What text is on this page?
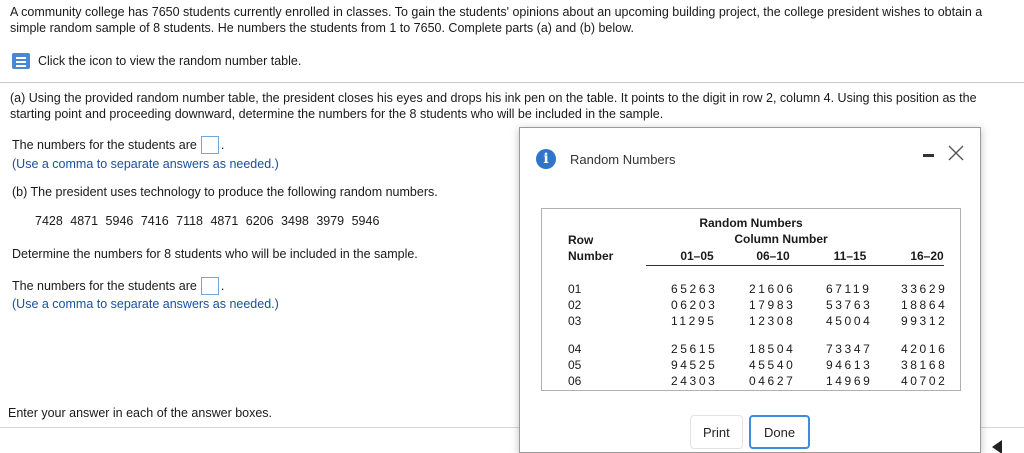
A community college has 7650 students currently enrolled in classes. To gain the students' opinions about an upcoming building project, the college president wishes to obtain a simple random sample of 8 students. He numbers the students from 1 to 7650. Complete parts (a) and (b) below.
Click the icon to view the random number table.
(a) Using the provided random number table, the president closes his eyes and drops his ink pen on the table. It points to the digit in row 2, column 4. Using this position as the starting point and proceeding downward, determine the numbers for the 8 students who will be included in the sample.
The numbers for the students are .
(Use a comma to separate answers as needed.)
(b) The president uses technology to produce the following random numbers.
7428 4871 5946 7416 7118 4871 6206 3498 3979 5946
Determine the numbers for 8 students who will be included in the sample.
The numbers for the students are .
(Use a comma to separate answers as needed.)
Enter your answer in each of the answer boxes.
i	Random Numbers
Random Numbers
Row
Number
Column Number
01–05	06–10	11–15	16–20
01	65263	21606	67119 33629
02	06203	17983	53763 18864
03	11295	12308	45004 99312
04	25615	18504	73347 42016
05	94525	45540	94613 38168
06	24303	04627	14969 40702
Print	Done
